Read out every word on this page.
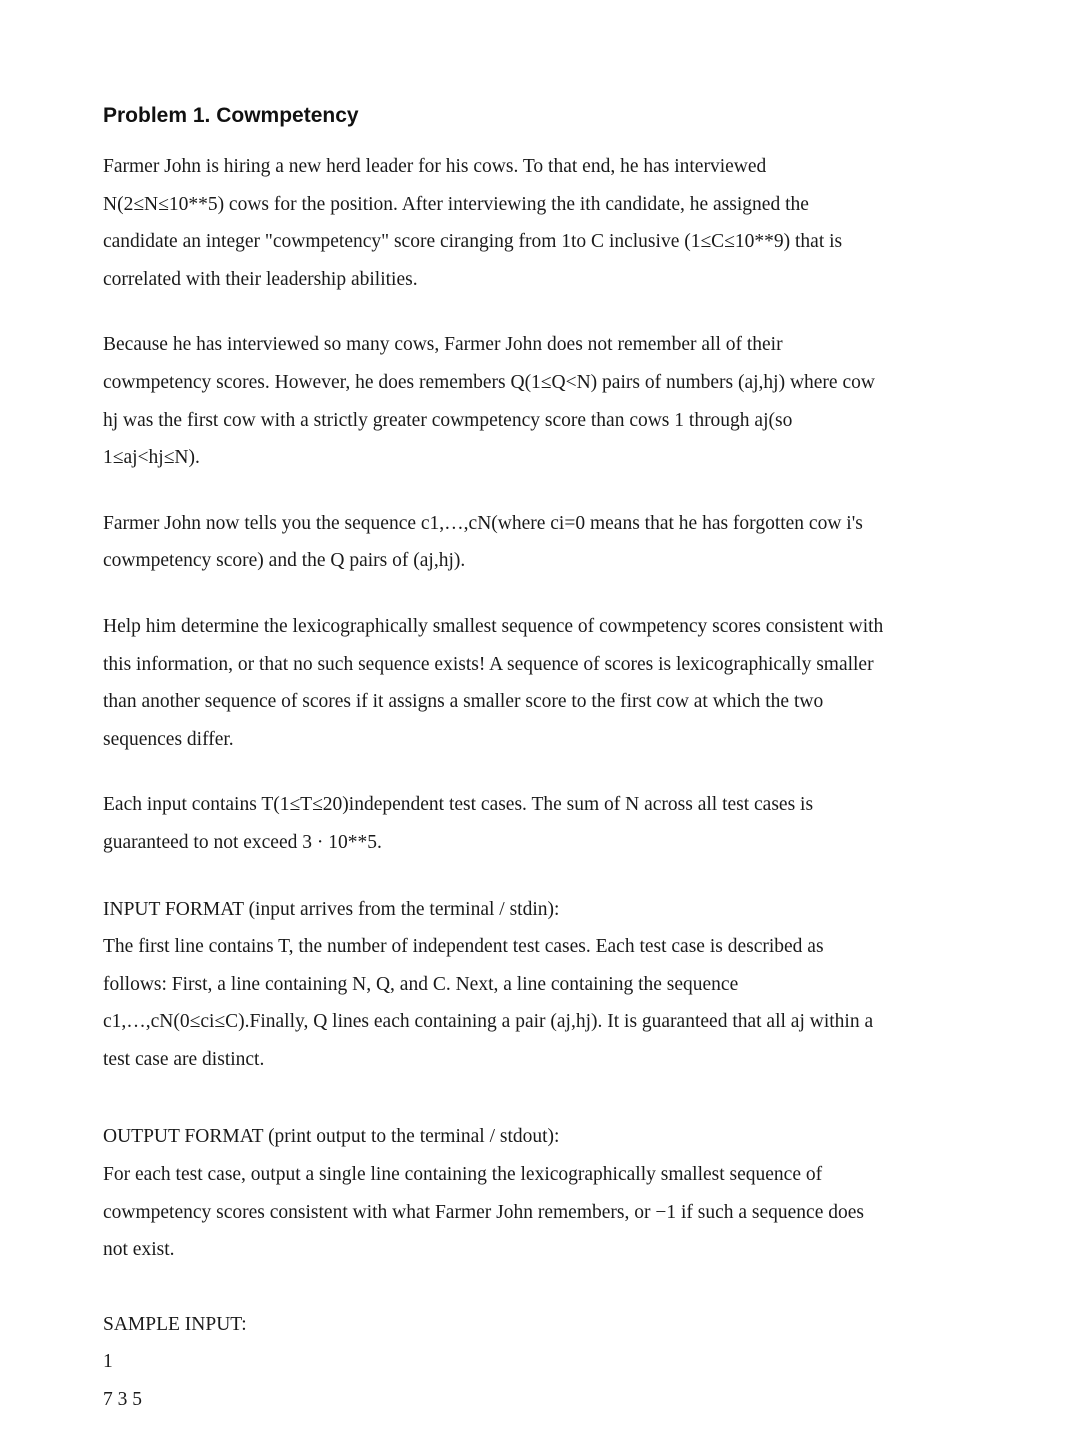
Problem 1. Cowmpetency

Farmer John is hiring a new herd leader for his cows. To that end, he has interviewed
N(2≤N≤10**5) cows for the position. After interviewing the ith candidate, he assigned the
candidate an integer "cowmpetency" score ciranging from 1to C inclusive (1≤C≤10**9) that is
correlated with their leadership abilities.

Because he has interviewed so many cows, Farmer John does not remember all of their
cowmpetency scores. However, he does remembers Q(1≤Q<N) pairs of numbers (aj,hj) where cow
hj was the first cow with a strictly greater cowmpetency score than cows 1 through aj(so
1≤aj<hj≤N).

Farmer John now tells you the sequence c1,…,cN(where ci=0 means that he has forgotten cow i's
cowmpetency score) and the Q pairs of (aj,hj).

Help him determine the lexicographically smallest sequence of cowmpetency scores consistent with
this information, or that no such sequence exists! A sequence of scores is lexicographically smaller
than another sequence of scores if it assigns a smaller score to the first cow at which the two
sequences differ.

Each input contains T(1≤T≤20)independent test cases. The sum of N across all test cases is
guaranteed to not exceed 3 · 10**5.

INPUT FORMAT (input arrives from the terminal / stdin):
The first line contains T, the number of independent test cases. Each test case is described as
follows: First, a line containing N, Q, and C. Next, a line containing the sequence
c1,…,cN(0≤ci≤C).Finally, Q lines each containing a pair (aj,hj). It is guaranteed that all aj within a
test case are distinct.

OUTPUT FORMAT (print output to the terminal / stdout):
For each test case, output a single line containing the lexicographically smallest sequence of
cowmpetency scores consistent with what Farmer John remembers, or −1 if such a sequence does
not exist.

SAMPLE INPUT:
1
7 3 5
